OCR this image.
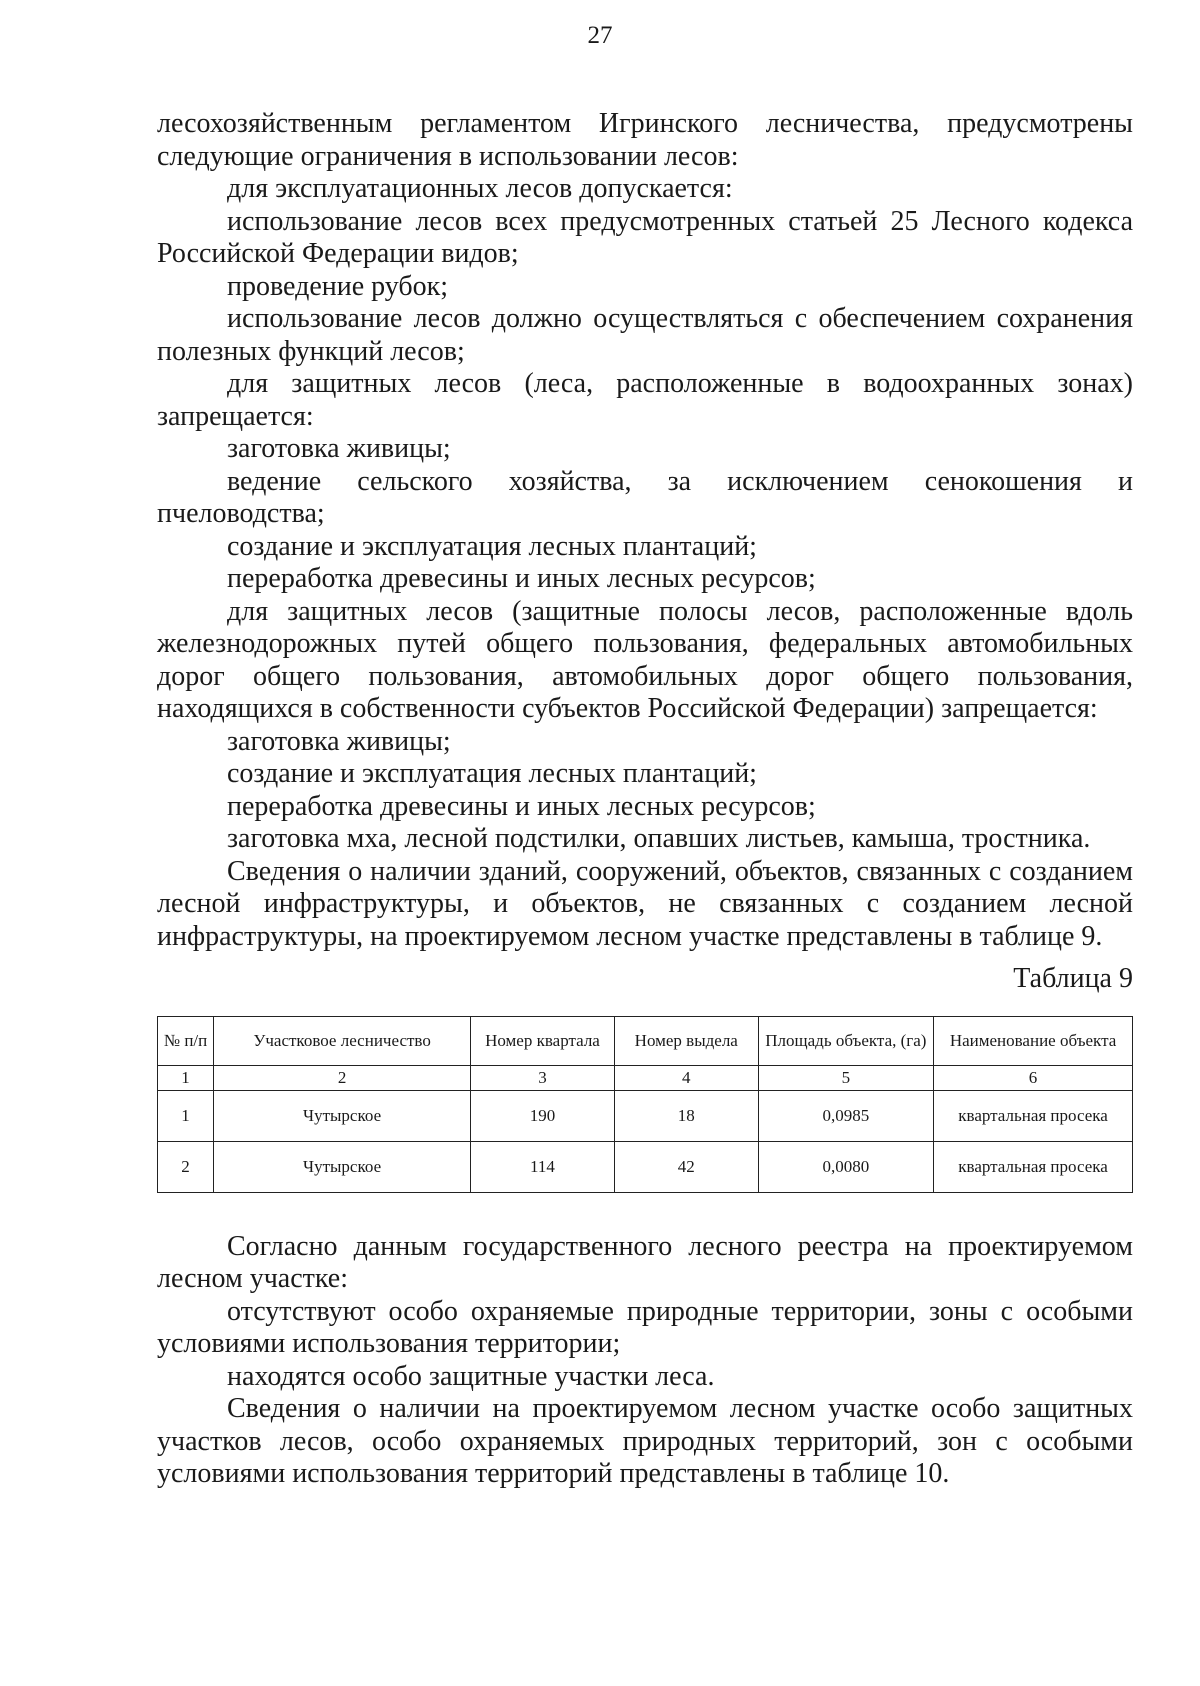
27

лесохозяйственным регламентом Игринского лесничества, предусмотрены следующие ограничения в использовании лесов:

для эксплуатационных лесов допускается:

использование лесов всех предусмотренных статьей 25 Лесного кодекса Российской Федерации видов;

проведение рубок;

использование лесов должно осуществляться с обеспечением сохранения полезных функций лесов;

для защитных лесов (леса, расположенные в водоохранных зонах) запрещается:

заготовка живицы;

ведение сельского хозяйства, за исключением сенокошения и пчеловодства;

создание и эксплуатация лесных плантаций;

переработка древесины и иных лесных ресурсов;

для защитных лесов (защитные полосы лесов, расположенные вдоль железнодорожных путей общего пользования, федеральных автомобильных дорог общего пользования, автомобильных дорог общего пользования, находящихся в собственности субъектов Российской Федерации) запрещается:

заготовка живицы;

создание и эксплуатация лесных плантаций;

переработка древесины и иных лесных ресурсов;

заготовка мха, лесной подстилки, опавших листьев, камыша, тростника.

Сведения о наличии зданий, сооружений, объектов, связанных с созданием лесной инфраструктуры, и объектов, не связанных с созданием лесной инфраструктуры, на проектируемом лесном участке представлены в таблице 9.

Таблица 9

№ п/п	Участковое лесничество	Номер квартала	Номер выдела	Площадь объекта, (га)	Наименование объекта
1	2	3	4	5	6
1	Чутырское	190	18	0,0985	квартальная просека
2	Чутырское	114	42	0,0080	квартальная просека

Согласно данным государственного лесного реестра на проектируемом лесном участке:

отсутствуют особо охраняемые природные территории, зоны с особыми условиями использования территории;

находятся особо защитные участки леса.

Сведения о наличии на проектируемом лесном участке особо защитных участков лесов, особо охраняемых природных территорий, зон с особыми условиями использования территорий представлены в таблице 10.
